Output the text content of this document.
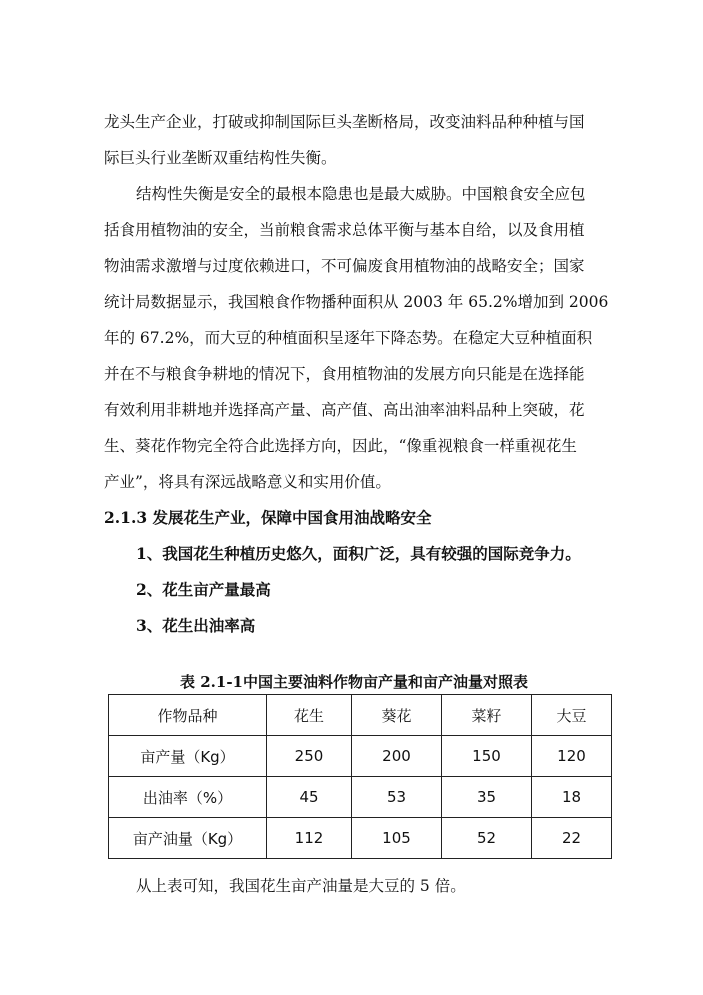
龙头生产企业，打破或抑制国际巨头垄断格局，改变油料品种种植与国
际巨头行业垄断双重结构性失衡。
结构性失衡是安全的最根本隐患也是最大威胁。中国粮食安全应包
括食用植物油的安全，当前粮食需求总体平衡与基本自给，以及食用植
物油需求激增与过度依赖进口，不可偏废食用植物油的战略安全；国家
统计局数据显示，我国粮食作物播种面积从 2003 年 65.2%增加到 2006
年的 67.2%，而大豆的种植面积呈逐年下降态势。在稳定大豆种植面积
并在不与粮食争耕地的情况下，食用植物油的发展方向只能是在选择能
有效利用非耕地并选择高产量、高产值、高出油率油料品种上突破，花
生、葵花作物完全符合此选择方向，因此，“像重视粮食一样重视花生
产业”，将具有深远战略意义和实用价值。
2.1.3 发展花生产业，保障中国食用油战略安全
1、我国花生种植历史悠久，面积广泛，具有较强的国际竞争力。
2、花生亩产量最高
3、花生出油率高
表 2.1-1中国主要油料作物亩产量和亩产油量对照表
作物品种	花生	葵花	菜籽	大豆
亩产量（Kg）	250	200	150	120
出油率（%）	45	53	35	18
亩产油量（Kg）	112	105	52	22
从上表可知，我国花生亩产油量是大豆的 5 倍。
